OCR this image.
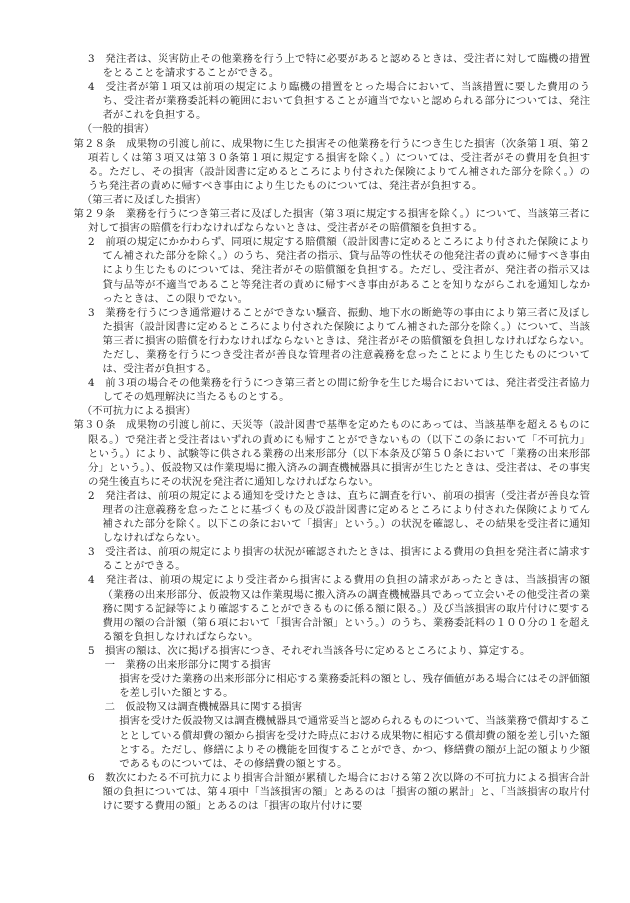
3　発注者は、災害防止その他業務を行う上で特に必要があると認めるときは、受注者に対して臨機の措置をとることを請求することができる。

4　受注者が第１項又は前項の規定により臨機の措置をとった場合において、当該措置に要した費用のうち、受注者が業務委託料の範囲において負担することが適当でないと認められる部分については、発注者がこれを負担する。

（一般的損害）

第２８条　成果物の引渡し前に、成果物に生じた損害その他業務を行うにつき生じた損害（次条第１項、第２項若しくは第３項又は第３０条第１項に規定する損害を除く。）については、受注者がその費用を負担する。ただし、その損害（設計図書に定めるところにより付された保険によりてん補された部分を除く。）のうち発注者の責めに帰すべき事由により生じたものについては、発注者が負担する。

（第三者に及ぼした損害）

第２９条　業務を行うにつき第三者に及ぼした損害（第３項に規定する損害を除く。）について、当該第三者に対して損害の賠償を行わなければならないときは、受注者がその賠償額を負担する。

2　前項の規定にかかわらず、同項に規定する賠償額（設計図書に定めるところにより付された保険によりてん補された部分を除く。）のうち、発注者の指示、貸与品等の性状その他発注者の責めに帰すべき事由により生じたものについては、発注者がその賠償額を負担する。ただし、受注者が、発注者の指示又は貸与品等が不適当であること等発注者の責めに帰すべき事由があることを知りながらこれを通知しなかったときは、この限りでない。

3　業務を行うにつき通常避けることができない騒音、振動、地下水の断絶等の事由により第三者に及ぼした損害（設計図書に定めるところにより付された保険によりてん補された部分を除く。）について、当該第三者に損害の賠償を行わなければならないときは、発注者がその賠償額を負担しなければならない。ただし、業務を行うにつき受注者が善良な管理者の注意義務を怠ったことにより生じたものについては、受注者が負担する。

4　前３項の場合その他業務を行うにつき第三者との間に紛争を生じた場合においては、発注者受注者協力してその処理解決に当たるものとする。

（不可抗力による損害）

第３０条　成果物の引渡し前に、天災等（設計図書で基準を定めたものにあっては、当該基準を超えるものに限る。）で発注者と受注者はいずれの責めにも帰すことができないもの（以下この条において「不可抗力」という。）により、試験等に供される業務の出来形部分（以下本条及び第５０条において「業務の出来形部分」という。）、仮設物又は作業現場に搬入済みの調査機械器具に損害が生じたときは、受注者は、その事実の発生後直ちにその状況を発注者に通知しなければならない。

2　発注者は、前項の規定による通知を受けたときは、直ちに調査を行い、前項の損害（受注者が善良な管理者の注意義務を怠ったことに基づくもの及び設計図書に定めるところにより付された保険によりてん補された部分を除く。以下この条において「損害」という。）の状況を確認し、その結果を受注者に通知しなければならない。

3　受注者は、前項の規定により損害の状況が確認されたときは、損害による費用の負担を発注者に請求することができる。

4　発注者は、前項の規定により受注者から損害による費用の負担の請求があったときは、当該損害の額（業務の出来形部分、仮設物又は作業現場に搬入済みの調査機械器具であって立会いその他受注者の業務に関する記録等により確認することができるものに係る額に限る。）及び当該損害の取片付けに要する費用の額の合計額（第６項において「損害合計額」という。）のうち、業務委託料の１００分の１を超える額を負担しなければならない。

5　損害の額は、次に掲げる損害につき、それぞれ当該各号に定めるところにより、算定する。

一　業務の出来形部分に関する損害

損害を受けた業務の出来形部分に相応する業務委託料の額とし、残存価値がある場合にはその評価額を差し引いた額とする。

二　仮設物又は調査機械器具に関する損害

損害を受けた仮設物又は調査機械器具で通常妥当と認められるものについて、当該業務で償却することとしている償却費の額から損害を受けた時点における成果物に相応する償却費の額を差し引いた額とする。ただし、修繕によりその機能を回復することができ、かつ、修繕費の額が上記の額より少額であるものについては、その修繕費の額とする。

6　数次にわたる不可抗力により損害合計額が累積した場合における第２次以降の不可抗力による損害合計額の負担については、第４項中「当該損害の額」とあるのは「損害の額の累計」と、「当該損害の取片付けに要する費用の額」とあるのは「損害の取片付けに要
